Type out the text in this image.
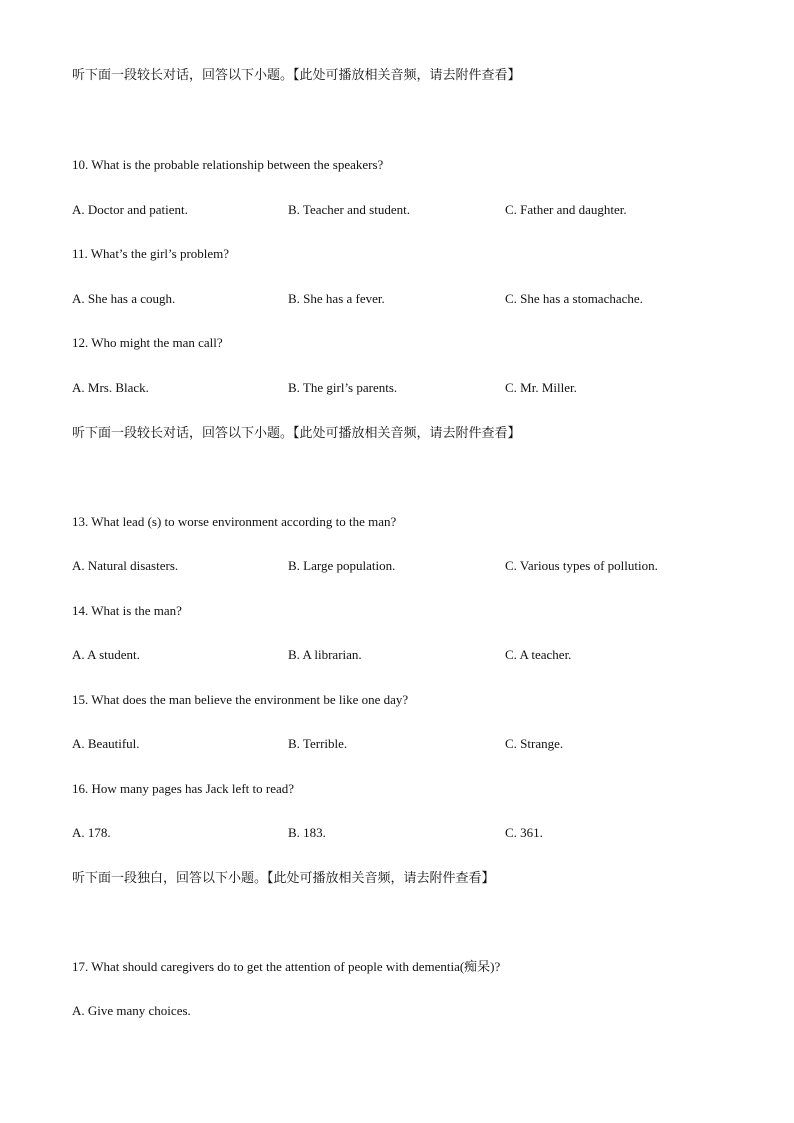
听下面一段较长对话，回答以下小题。【此处可播放相关音频，请去附件查看】
10. What is the probable relationship between the speakers?
A. Doctor and patient.	B. Teacher and student.	C. Father and daughter.
11. What’s the girl’s problem?
A. She has a cough.	B. She has a fever.	C. She has a stomachache.
12. Who might the man call?
A. Mrs. Black.	B. The girl’s parents.	C. Mr. Miller.
听下面一段较长对话，回答以下小题。【此处可播放相关音频，请去附件查看】
13. What lead (s) to worse environment according to the man?
A. Natural disasters.	B. Large population.	C. Various types of pollution.
14. What is the man?
A. A student.	B. A librarian.	C. A teacher.
15. What does the man believe the environment be like one day?
A. Beautiful.	B. Terrible.	C. Strange.
16. How many pages has Jack left to read?
A. 178.	B. 183.	C. 361.
听下面一段独白，回答以下小题。【此处可播放相关音频，请去附件查看】
17. What should caregivers do to get the attention of people with dementia(痴呆)?
A. Give many choices.
